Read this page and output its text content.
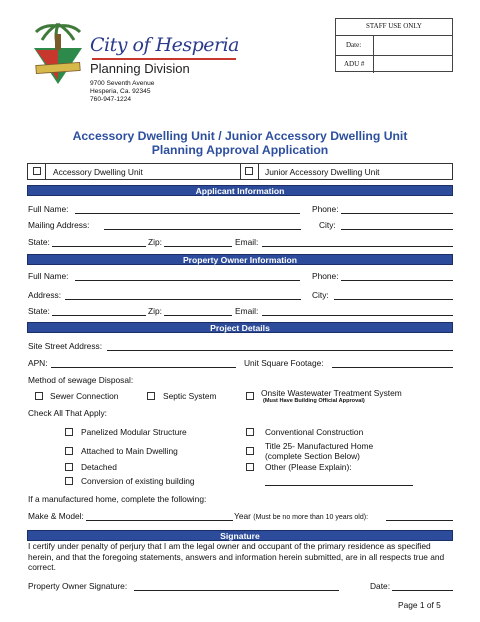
City of Hesperia
Planning Division
9700 Seventh Avenue
Hesperia, Ca. 92345
760-947-1224
STAFF USE ONLY
Date:
ADU #
Accessory Dwelling Unit / Junior Accessory Dwelling Unit
Planning Approval Application
Accessory Dwelling Unit	Junior Accessory Dwelling Unit
Applicant Information
Full Name:	Phone:
Mailing Address:	City:
State:	Zip:	Email:
Property Owner Information
Full Name:	Phone:
Address:	City:
State:	Zip:	Email:
Project Details
Site Street Address:
APN:	Unit Square Footage:
Method of sewage Disposal:
Sewer Connection	Septic System	Onsite Wastewater Treatment System
(Must Have Building Official Approval)
Check All That Apply:
Panelized Modular Structure	Conventional Construction
Attached to Main Dwelling	Title 25- Manufactured Home
(complete Section Below)
Detached	Other (Please Explain):
Conversion of existing building
If a manufactured home, complete the following:
Make & Model:	Year (Must be no more than 10 years old):
Signature
I certify under penalty of perjury that I am the legal owner and occupant of the primary residence as specified herein, and that the foregoing statements, answers and information herein submitted, are in all respects true and correct.
Property Owner Signature:	Date:
Page 1 of 5
